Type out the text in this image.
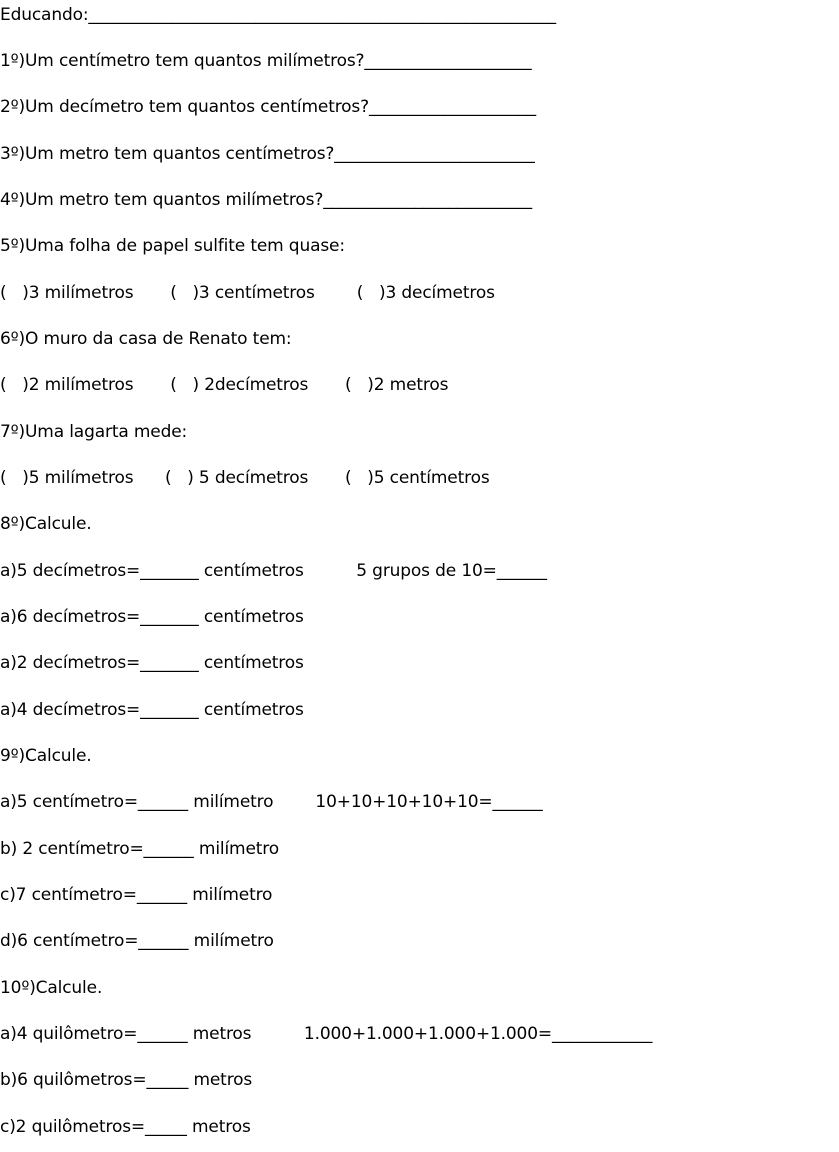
Educando:________________________________________________________
1º)Um centímetro tem quantos milímetros?____________________
2º)Um decímetro tem quantos centímetros?____________________
3º)Um metro tem quantos centímetros?________________________
4º)Um metro tem quantos milímetros?_________________________
5º)Uma folha de papel sulfite tem quase:
(   )3 milímetros       (   )3 centímetros        (   )3 decímetros
6º)O muro da casa de Renato tem:
(   )2 milímetros       (   ) 2decímetros       (   )2 metros
7º)Uma lagarta mede:
(   )5 milímetros      (   ) 5 decímetros       (   )5 centímetros
8º)Calcule.
a)5 decímetros=_______ centímetros          5 grupos de 10=______
a)6 decímetros=_______ centímetros
a)2 decímetros=_______ centímetros
a)4 decímetros=_______ centímetros
9º)Calcule.
a)5 centímetro=______ milímetro        10+10+10+10+10=______
b) 2 centímetro=______ milímetro
c)7 centímetro=______ milímetro
d)6 centímetro=______ milímetro
10º)Calcule.
a)4 quilômetro=______ metros          1.000+1.000+1.000+1.000=____________
b)6 quilômetros=_____ metros
c)2 quilômetros=_____ metros
